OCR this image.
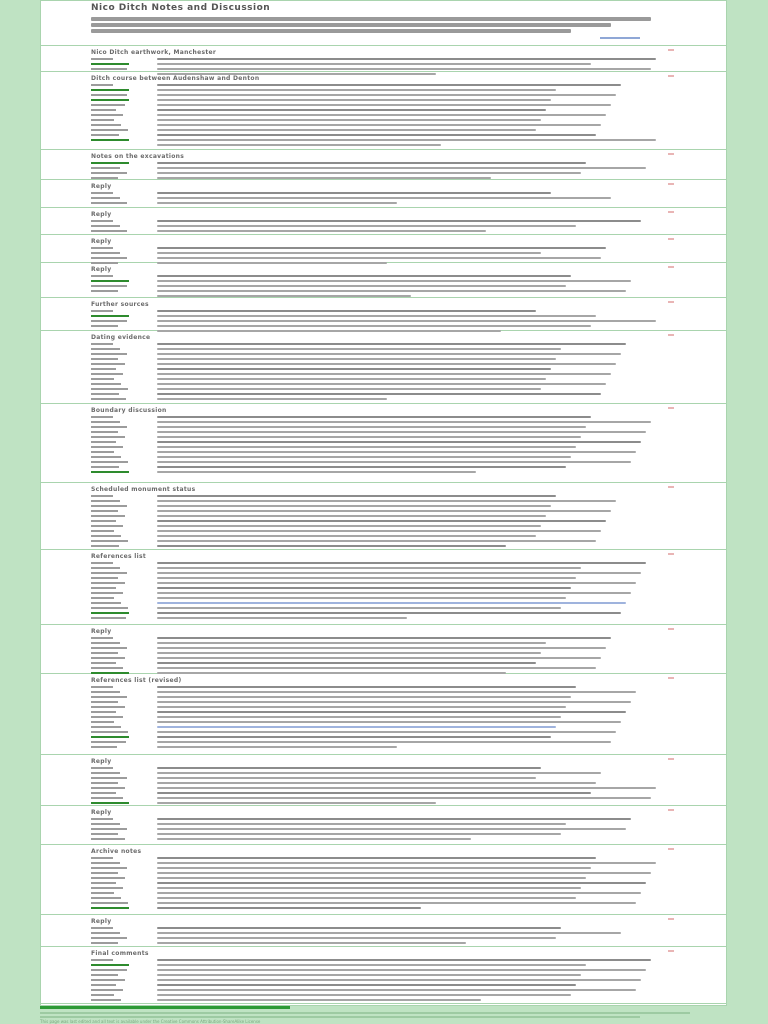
Nico Ditch Notes and Discussion
Nico Ditch earthwork, Manchester
Ditch course between Audenshaw and Denton
Notes on the excavations
Reply
Reply
Reply
Reply
Further sources
Dating evidence
Boundary discussion
Scheduled monument status
References list
Reply
References list (revised)
Reply
Reply
Archive notes
Reply
Final comments
This page was last edited and all text is available under the Creative Commons Attribution-ShareAlike License
